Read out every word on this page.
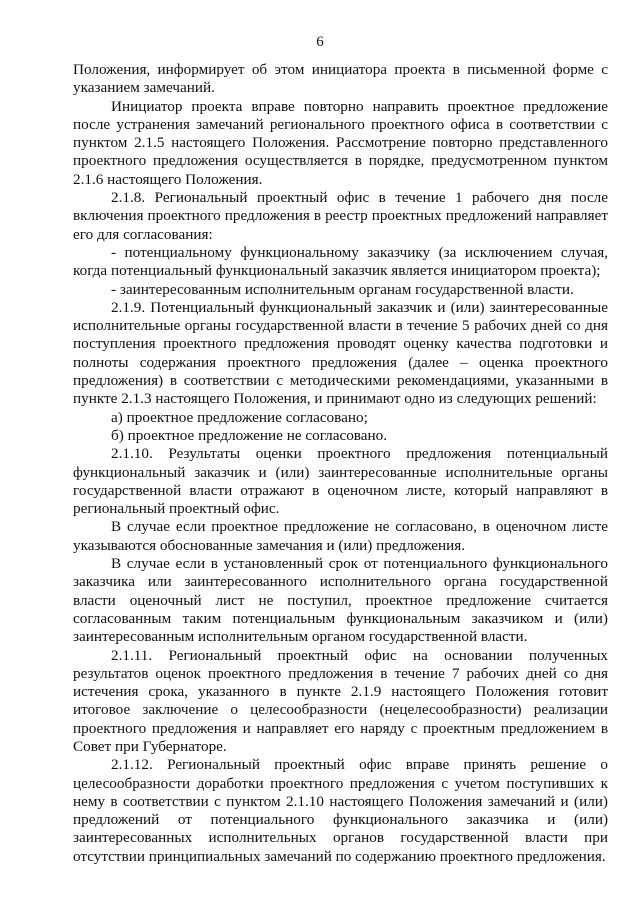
6

Положения, информирует об этом инициатора проекта в письменной форме с указанием замечаний.

Инициатор проекта вправе повторно направить проектное предложение после устранения замечаний регионального проектного офиса в соответствии с пунктом 2.1.5 настоящего Положения. Рассмотрение повторно представленного проектного предложения осуществляется в порядке, предусмотренном пунктом 2.1.6 настоящего Положения.

2.1.8. Региональный проектный офис в течение 1 рабочего дня после включения проектного предложения в реестр проектных предложений направляет его для согласования:

- потенциальному функциональному заказчику (за исключением случая, когда потенциальный функциональный заказчик является инициатором проекта);

- заинтересованным исполнительным органам государственной власти.

2.1.9. Потенциальный функциональный заказчик и (или) заинтересованные исполнительные органы государственной власти в течение 5 рабочих дней со дня поступления проектного предложения проводят оценку качества подготовки и полноты содержания проектного предложения (далее – оценка проектного предложения) в соответствии с методическими рекомендациями, указанными в пункте 2.1.3 настоящего Положения, и принимают одно из следующих решений:

а) проектное предложение согласовано;

б) проектное предложение не согласовано.

2.1.10. Результаты оценки проектного предложения потенциальный функциональный заказчик и (или) заинтересованные исполнительные органы государственной власти отражают в оценочном листе, который направляют в региональный проектный офис.

В случае если проектное предложение не согласовано, в оценочном листе указываются обоснованные замечания и (или) предложения.

В случае если в установленный срок от потенциального функционального заказчика или заинтересованного исполнительного органа государственной власти оценочный лист не поступил, проектное предложение считается согласованным таким потенциальным функциональным заказчиком и (или) заинтересованным исполнительным органом государственной власти.

2.1.11. Региональный проектный офис на основании полученных результатов оценок проектного предложения в течение 7 рабочих дней со дня истечения срока, указанного в пункте 2.1.9 настоящего Положения готовит итоговое заключение о целесообразности (нецелесообразности) реализации проектного предложения и направляет его наряду с проектным предложением в Совет при Губернаторе.

2.1.12. Региональный проектный офис вправе принять решение о целесообразности доработки проектного предложения с учетом поступивших к нему в соответствии с пунктом 2.1.10 настоящего Положения замечаний и (или) предложений от потенциального функционального заказчика и (или) заинтересованных исполнительных органов государственной власти при отсутствии принципиальных замечаний по содержанию проектного предложения.
